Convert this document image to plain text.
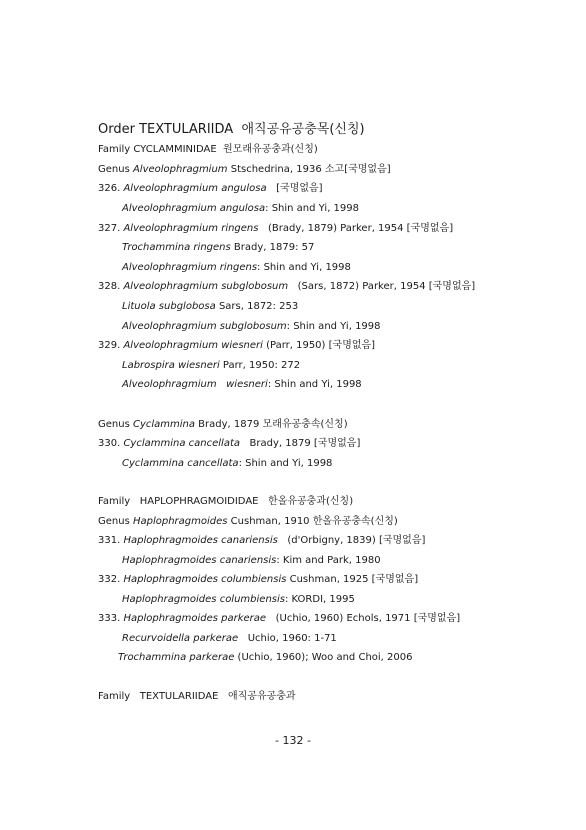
Order TEXTULARIIDA 애직공유공충목(신칭)
Family CYCLAMMINIDAE 원모래유공충과(신칭)
Genus Alveolophragmium Stschedrina, 1936 소고[국명없음]
326. Alveolophragmium angulosa   [국명없음]
Alveolophragmium angulosa: Shin and Yi, 1998
327. Alveolophragmium ringens   (Brady, 1879) Parker, 1954 [국명없음]
Trochammina ringens Brady, 1879: 57
Alveolophragmium ringens: Shin and Yi, 1998
328. Alveolophragmium subglobosum   (Sars, 1872) Parker, 1954 [국명없음]
Lituola subglobosa Sars, 1872: 253
Alveolophragmium subglobosum: Shin and Yi, 1998
329. Alveolophragmium wiesneri (Parr, 1950) [국명없음]
Labrospira wiesneri Parr, 1950: 272
Alveolophragmium   wiesneri: Shin and Yi, 1998
Genus Cyclammina Brady, 1879 모래유공충속(신칭)
330. Cyclammina cancellata   Brady, 1879 [국명없음]
Cyclammina cancellata: Shin and Yi, 1998
Family   HAPLOPHRAGMOIDIDAE 한올유공충과(신칭)
Genus Haplophragmoides Cushman, 1910 한올유공충속(신칭)
331. Haplophragmoides canariensis   (d'Orbigny, 1839) [국명없음]
Haplophragmoides canariensis: Kim and Park, 1980
332. Haplophragmoides columbiensis Cushman, 1925 [국명없음]
Haplophragmoides columbiensis: KORDI, 1995
333. Haplophragmoides parkerae   (Uchio, 1960) Echols, 1971 [국명없음]
Recurvoidella parkerae   Uchio, 1960: 1-71
Trochammina parkerae (Uchio, 1960); Woo and Choi, 2006
Family   TEXTULARIIDAE 애직공유공충과
- 132 -
